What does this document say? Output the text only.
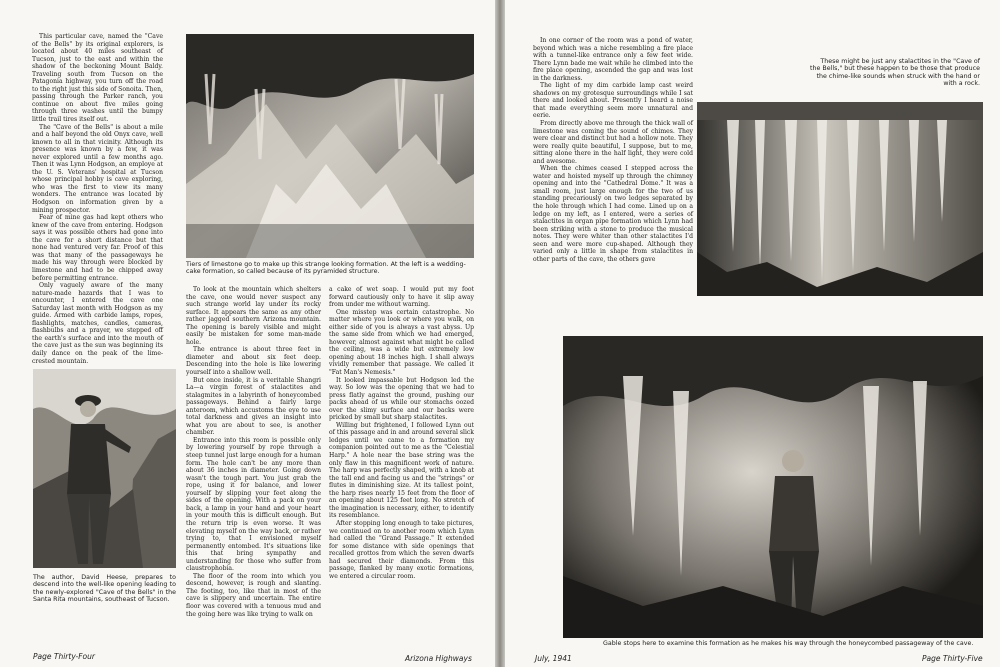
This particular cave, named the "Cave of the Bells" by its original explorers, is located about 40 miles southeast of Tucson, just to the east and within the shadow of the beckoning Mount Baldy. Traveling south from Tucson on the Patagonia highway, you turn off the road to the right just this side of Sonoita. Then, passing through the Parker ranch, you continue on about five miles going through three washes until the bumpy little trail tires itself out.

The "Cave of the Bells" is about a mile and a half beyond the old Onyx cave, well known to all in that vicinity. Although its presence was known by a few, it was never explored until a few months ago. Then it was Lynn Hodgson, an employe at the U. S. Veterans' hospital at Tucson whose principal hobby is cave exploring, who was the first to view its many wonders. The entrance was located by Hodgson on information given by a mining prospector.

Fear of mine gas had kept others who knew of the cave from entering. Hodgson says it was possible others had gone into the cave for a short distance but that none had ventured very far. Proof of this was that many of the passageways he made his way through were blocked by limestone and had to be chipped away before permitting entrance.

Only vaguely aware of the many nature-made hazards that I was to encounter, I entered the cave one Saturday last month with Hodgson as my guide. Armed with carbide lamps, ropes, flashlights, matches, candles, cameras, flashbulbs and a prayer, we stepped off the earth's surface and into the mouth of the cave just as the sun was beginning its daily dance on the peak of the lime-crested mountain.

Tiers of limestone go to make up this strange looking formation. At the left is a wedding-cake formation, so called because of its pyramided structure.
The author, David Heese, prepares to descend into the well-like opening leading to the newly-explored "Cave of the Bells" in the Santa Rita mountains, southeast of Tucson.

To look at the mountain which shelters the cave, one would never suspect any such strange world lay under its rocky surface. It appears the same as any other rather jagged southern Arizona mountain. The opening is barely visible and might easily be mistaken for some man-made hole.

The entrance is about three feet in diameter and about six feet deep. Descending into the hole is like lowering yourself into a shallow well.

But once inside, it is a veritable Shangri La—a virgin forest of stalactites and stalagmites in a labyrinth of honeycombed passageways. Behind a fairly large anteroom, which accustoms the eye to use total darkness and gives an insight into what you are about to see, is another chamber.

Entrance into this room is possible only by lowering yourself by rope through a steep tunnel just large enough for a human form. The hole can't be any more than about 36 inches in diameter. Going down wasn't the tough part. You just grab the rope, using it for balance, and lower yourself by slipping your feet along the sides of the opening. With a pack on your back, a lamp in your hand and your heart in your mouth this is difficult enough. But the return trip is even worse. It was elevating myself on the way back, or rather trying to, that I envisioned myself permanently entombed. It's situations like this that bring sympathy and understanding for those who suffer from claustrophobia.

The floor of the room into which you descend, however, is rough and slanting. The footing, too, like that in most of the cave is slippery and uncertain. The entire floor was covered with a tenuous mud and the going here was like trying to walk on

a cake of wet soap. I would put my foot forward cautiously only to have it slip away from under me without warning.

One misstep was certain catastrophe. No matter where you look or where you walk, on either side of you is always a vast abyss. Up the same side from which we had emerged, however, almost against what might be called the ceiling, was a wide but extremely low opening about 18 inches high. I shall always vividly remember that passage. We called it "Fat Man's Nemesis."

It looked impassable but Hodgson led the way. So low was the opening that we had to press flatly against the ground, pushing our packs ahead of us while our stomachs oozed over the slimy surface and our backs were pricked by small but sharp stalactites.

Willing but frightened, I followed Lynn out of this passage and in and around several slick ledges until we came to a formation my companion pointed out to me as the "Celestial Harp." A hole near the base string was the only flaw in this magnificent work of nature. The harp was perfectly shaped, with a knob at the tall end and facing us and the "strings" or flutes in diminishing size. At its tallest point, the harp rises nearly 15 feet from the floor of an opening about 125 feet long. No stretch of the imagination is necessary, either, to identify its resemblance.

After stopping long enough to take pictures, we continued on to another room which Lynn had called the "Grand Passage." It extended for some distance with side openings that recalled grottos from which the seven dwarfs had secured their diamonds. From this passage, flanked by many exotic formations, we entered a circular room.

Page Thirty-Four	Arizona Highways

In one corner of the room was a pond of water, beyond which was a niche resembling a fire place with a tunnel-like entrance only a few feet wide. There Lynn bade me wait while he climbed into the fire place opening, ascended the gap and was lost in the darkness.

The light of my dim carbide lamp cast weird shadows on my grotesque surroundings while I sat there and looked about. Presently I heard a noise that made everything seem more unnatural and eerie.

From directly above me through the thick wall of limestone was coming the sound of chimes. They were clear and distinct but had a hollow note. They were really quite beautiful, I suppose, but to me, sitting alone there in the half light, they were cold and awesome.

When the chimes ceased I stepped across the water and hoisted myself up through the chimney opening and into the "Cathedral Dome." It was a small room, just large enough for the two of us standing precariously on two ledges separated by the hole through which I had come. Lined up on a ledge on my left, as I entered, were a series of stalactites in organ pipe formation which Lynn had been striking with a stone to produce the musical notes. They were whiter than other stalactites I'd seen and were more cup-shaped. Although they varied only a little in shape from stalactites in other parts of the cave, the others gave

These might be just any stalactites in the "Cave of the Bells," but these happen to be those that produce the chime-like sounds when struck with the hand or with a rock.
Gable stops here to examine this formation as he makes his way through the honeycombed passageway of the cave.
July, 1941	Page Thirty-Five
